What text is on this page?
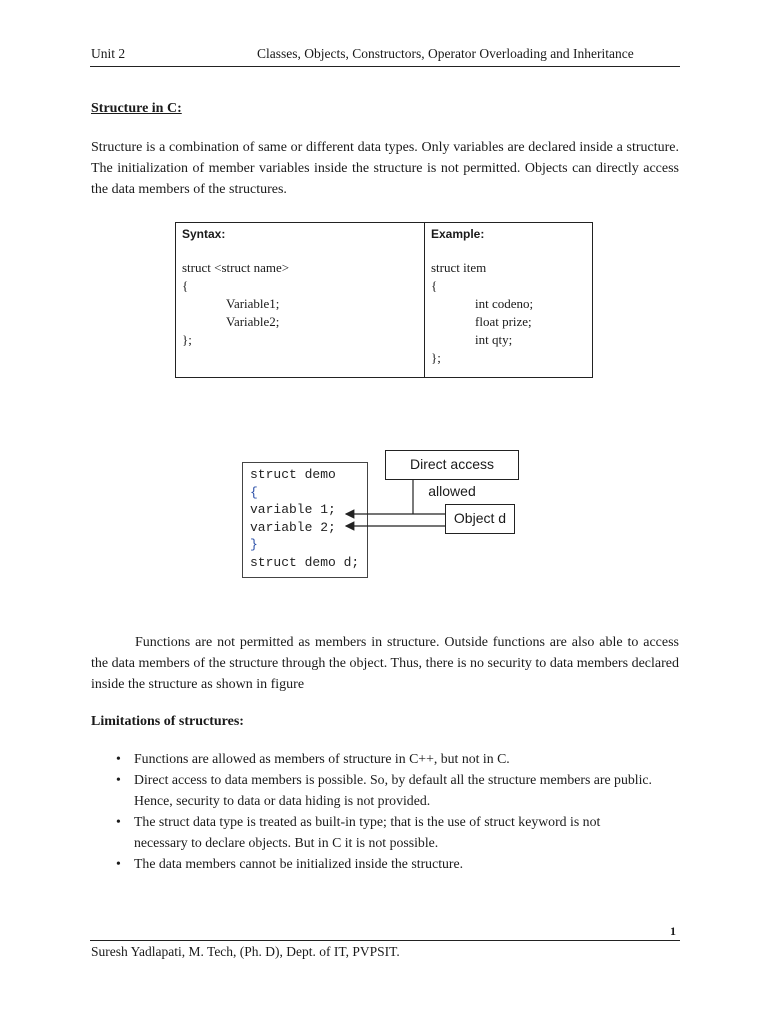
Unit 2	Classes, Objects, Constructors, Operator Overloading and Inheritance
Structure in C:

Structure is a combination of same or different data types. Only variables are declared inside a structure. The initialization of member variables inside the structure is not permitted. Objects can directly access the data members of the structures.

Syntax:
struct <struct name>
{
Variable1;
Variable2;
};
Example:
struct item
{
int codeno;
float prize;
int qty;
};
struct demo
{
variable 1;
variable 2;
}
struct demo d;
Direct access allowed
Object d

Functions are not permitted as members in structure. Outside functions are also able to access the data members of the structure through the object. Thus, there is no security to data members declared inside the structure as shown in figure

Limitations of structures:

• Functions are allowed as members of structure in C++, but not in C.

• Direct access to data members is possible. So, by default all the structure members are public. Hence, security to data or data hiding is not provided.

• The struct data type is treated as built-in type; that is the use of struct keyword is not necessary to declare objects. But in C it is not possible.

• The data members cannot be initialized inside the structure.

1
Suresh Yadlapati, M. Tech, (Ph. D), Dept. of IT, PVPSIT.
